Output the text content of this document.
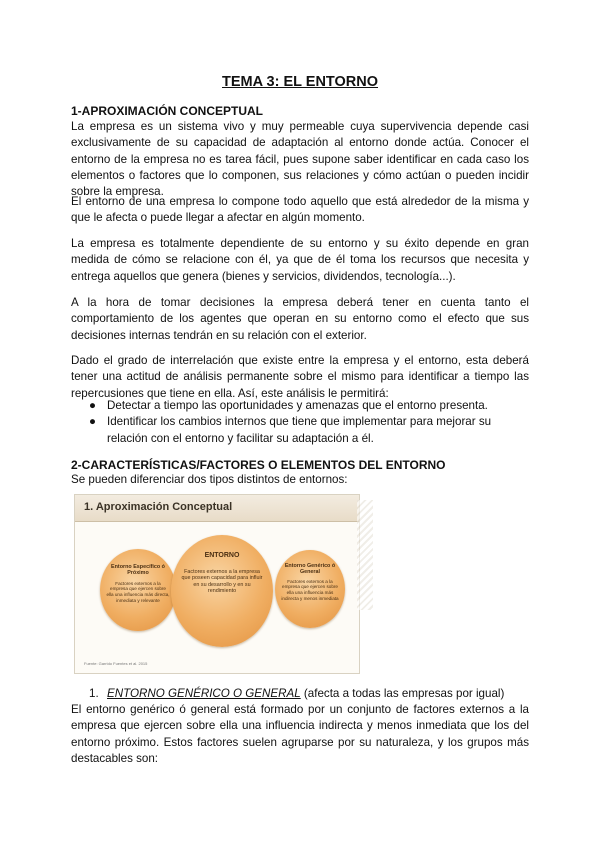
TEMA 3: EL ENTORNO
1-APROXIMACIÓN CONCEPTUAL
La empresa es un sistema vivo y muy permeable cuya supervivencia depende casi exclusivamente de su capacidad de adaptación al entorno donde actúa. Conocer el entorno de la empresa no es tarea fácil, pues supone saber identificar en cada caso los elementos o factores que lo componen, sus relaciones y cómo actúan o pueden incidir sobre la empresa.
El entorno de una empresa lo compone todo aquello que está alrededor de la misma y que le afecta o puede llegar a afectar en algún momento.
La empresa es totalmente dependiente de su entorno y su éxito depende en gran medida de cómo se relacione con él, ya que de él toma los recursos que necesita y entrega aquellos que genera (bienes y servicios, dividendos, tecnología...).
A la hora de tomar decisiones la empresa deberá tener en cuenta tanto el comportamiento de los agentes que operan en su entorno como el efecto que sus decisiones internas tendrán en su relación con el exterior.
Dado el grado de interrelación que existe entre la empresa y el entorno, esta deberá tener una actitud de análisis permanente sobre el mismo para identificar a tiempo las repercusiones que tiene en ella. Así, este análisis le permitirá:
● Detectar a tiempo las oportunidades y amenazas que el entorno presenta.
● Identificar los cambios internos que tiene que implementar para mejorar su relación con el entorno y facilitar su adaptación a él.
2-CARACTERÍSTICAS/FACTORES O ELEMENTOS DEL ENTORNO
Se pueden diferenciar dos tipos distintos de entornos:
1. Aproximación Conceptual
Entorno Específico ó Próximo
Factores externos a la empresa que ejercen sobre ella una influencia más directa, inmediata y relevante
ENTORNO
Factores externos a la empresa que poseen capacidad para influir en su desarrollo y en su rendimiento
Entorno Genérico ó General
Factores externos a la empresa que ejercen sobre ella una influencia más indirecta y menos inmediata
Fuente: Garrido Fuentes et al. 2015
1. ENTORNO GENÉRICO O GENERAL (afecta a todas las empresas por igual)
El entorno genérico ó general está formado por un conjunto de factores externos a la empresa que ejercen sobre ella una influencia indirecta y menos inmediata que los del entorno próximo. Estos factores suelen agruparse por su naturaleza, y los grupos más destacables son:
